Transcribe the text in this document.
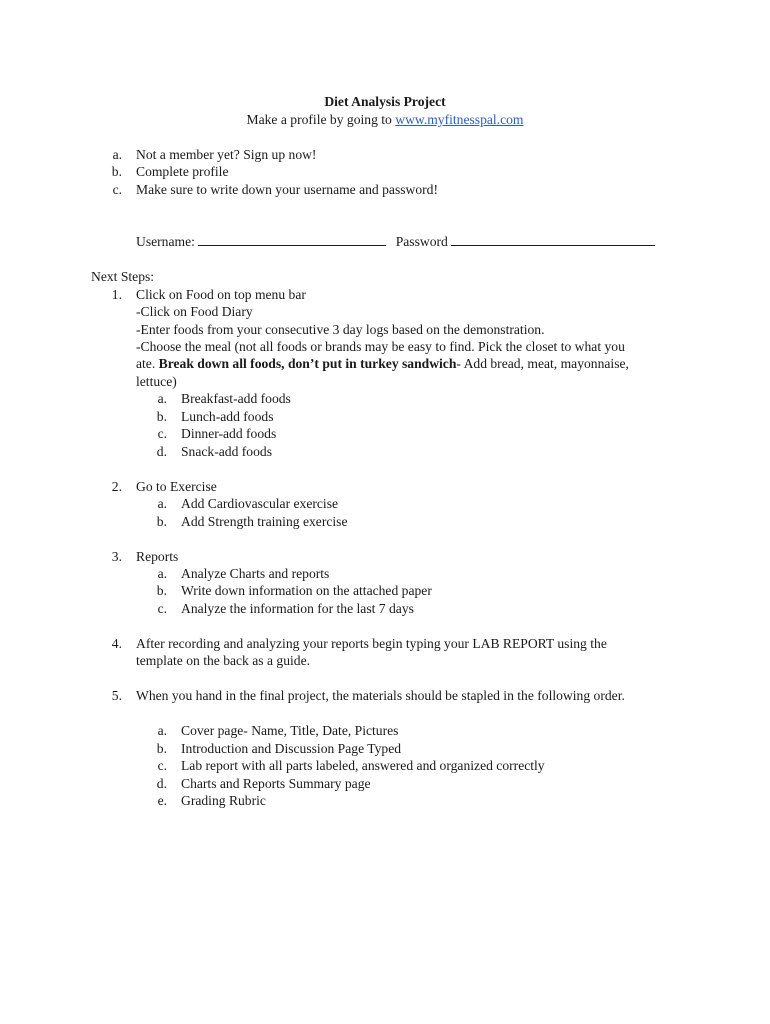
Diet Analysis Project
Make a profile by going to www.myfitnesspal.com
a. Not a member yet? Sign up now!
b. Complete profile
c. Make sure to write down your username and password!
Username:	Password
Next Steps:
1. Click on Food on top menu bar
-Click on Food Diary
-Enter foods from your consecutive 3 day logs based on the demonstration.
-Choose the meal (not all foods or brands may be easy to find. Pick the closet to what you
ate. Break down all foods, don’t put in turkey sandwich- Add bread, meat, mayonnaise,
lettuce)
a. Breakfast-add foods
b. Lunch-add foods
c. Dinner-add foods
d. Snack-add foods
2. Go to Exercise
a. Add Cardiovascular exercise
b. Add Strength training exercise
3. Reports
a. Analyze Charts and reports
b. Write down information on the attached paper
c. Analyze the information for the last 7 days
4. After recording and analyzing your reports begin typing your LAB REPORT using the
template on the back as a guide.
5. When you hand in the final project, the materials should be stapled in the following order.
a. Cover page- Name, Title, Date, Pictures
b. Introduction and Discussion Page Typed
c. Lab report with all parts labeled, answered and organized correctly
d. Charts and Reports Summary page
e. Grading Rubric
